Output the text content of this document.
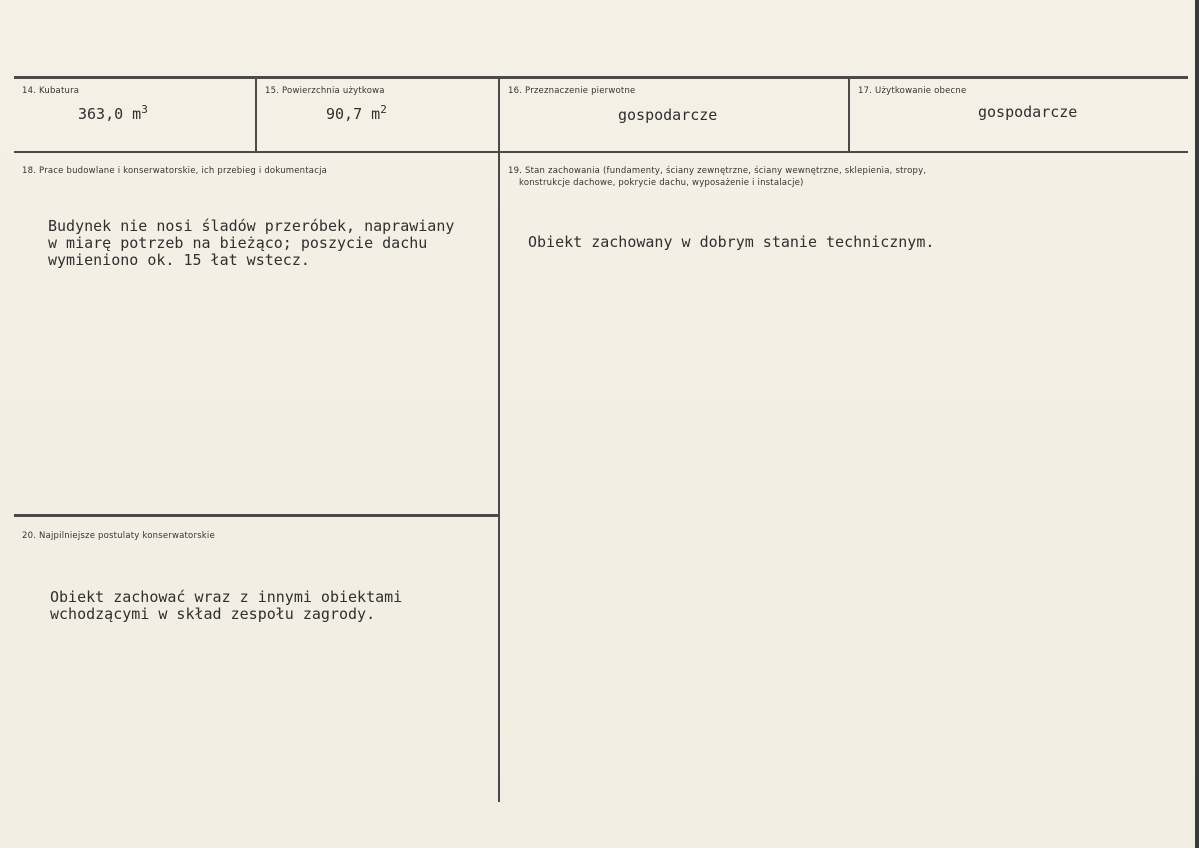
14. Kubatura
363,0 $m^3$
15. Powierzchnia użytkowa
90,7 $m^2$
16. Przeznaczenie pierwotne
gospodarcze
17. Użytkowanie obecne
gospodarcze
18. Prace budowlane i konserwatorskie, ich przebieg i dokumentacja
Budynek nie nosi śladów przeróbek, naprawiany
w miarę potrzeb na bieżąco; poszycie dachu
wymieniono ok. 15 łat wstecz.
19. Stan zachowania (fundamenty, ściany zewnętrzne, ściany wewnętrzne, sklepienia, stropy,
konstrukcje dachowe, pokrycie dachu, wyposażenie i instalacje)
Obiekt zachowany w dobrym stanie technicznym.
20. Najpilniejsze postulaty konserwatorskie
Obiekt zachować wraz z innymi obiektami
wchodzącymi w skład zespołu zagrody.
